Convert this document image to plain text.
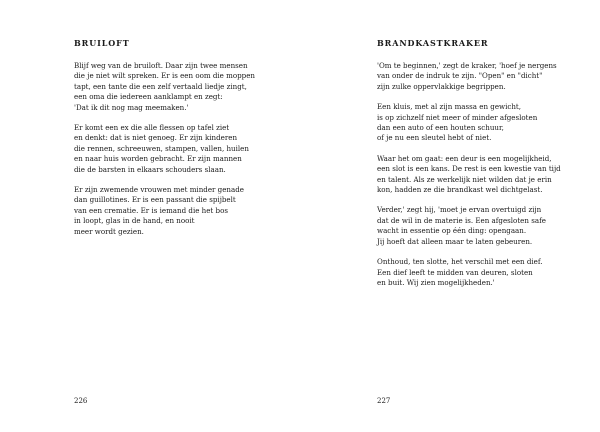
BRUILOFT
Blijf weg van de bruiloft. Daar zijn twee mensen
die je niet wilt spreken. Er is een oom die moppen
tapt, een tante die een zelf vertaald liedje zingt,
een oma die iedereen aanklampt en zegt:
'Dat ik dit nog mag meemaken.'
Er komt een ex die alle flessen op tafel ziet
en denkt: dat is niet genoeg. Er zijn kinderen
die rennen, schreeuwen, stampen, vallen, huilen
en naar huis worden gebracht. Er zijn mannen
die de barsten in elkaars schouders slaan.
Er zijn zwemende vrouwen met minder genade
dan guillotines. Er is een passant die spijbelt
van een crematie. Er is iemand die het bos
in loopt, glas in de hand, en nooit
meer wordt gezien.
226
BRANDKASTKRAKER
'Om te beginnen,' zegt de kraker, 'hoef je nergens
van onder de indruk te zijn. "Open" en "dicht"
zijn zulke oppervlakkige begrippen.
Een kluis, met al zijn massa en gewicht,
is op zichzelf niet meer of minder afgesloten
dan een auto of een houten schuur,
of je nu een sleutel hebt of niet.
Waar het om gaat: een deur is een mogelijkheid,
een slot is een kans. De rest is een kwestie van tijd
en talent. Als ze werkelijk niet wilden dat je erin
kon, hadden ze die brandkast wel dichtgelast.
Verder,' zegt hij, 'moet je ervan overtuigd zijn
dat de wil in de materie is. Een afgesloten safe
wacht in essentie op één ding: opengaan.
Jij hoeft dat alleen maar te laten gebeuren.
Onthoud, ten slotte, het verschil met een dief.
Een dief leeft te midden van deuren, sloten
en buit. Wij zien mogelijkheden.'
227
